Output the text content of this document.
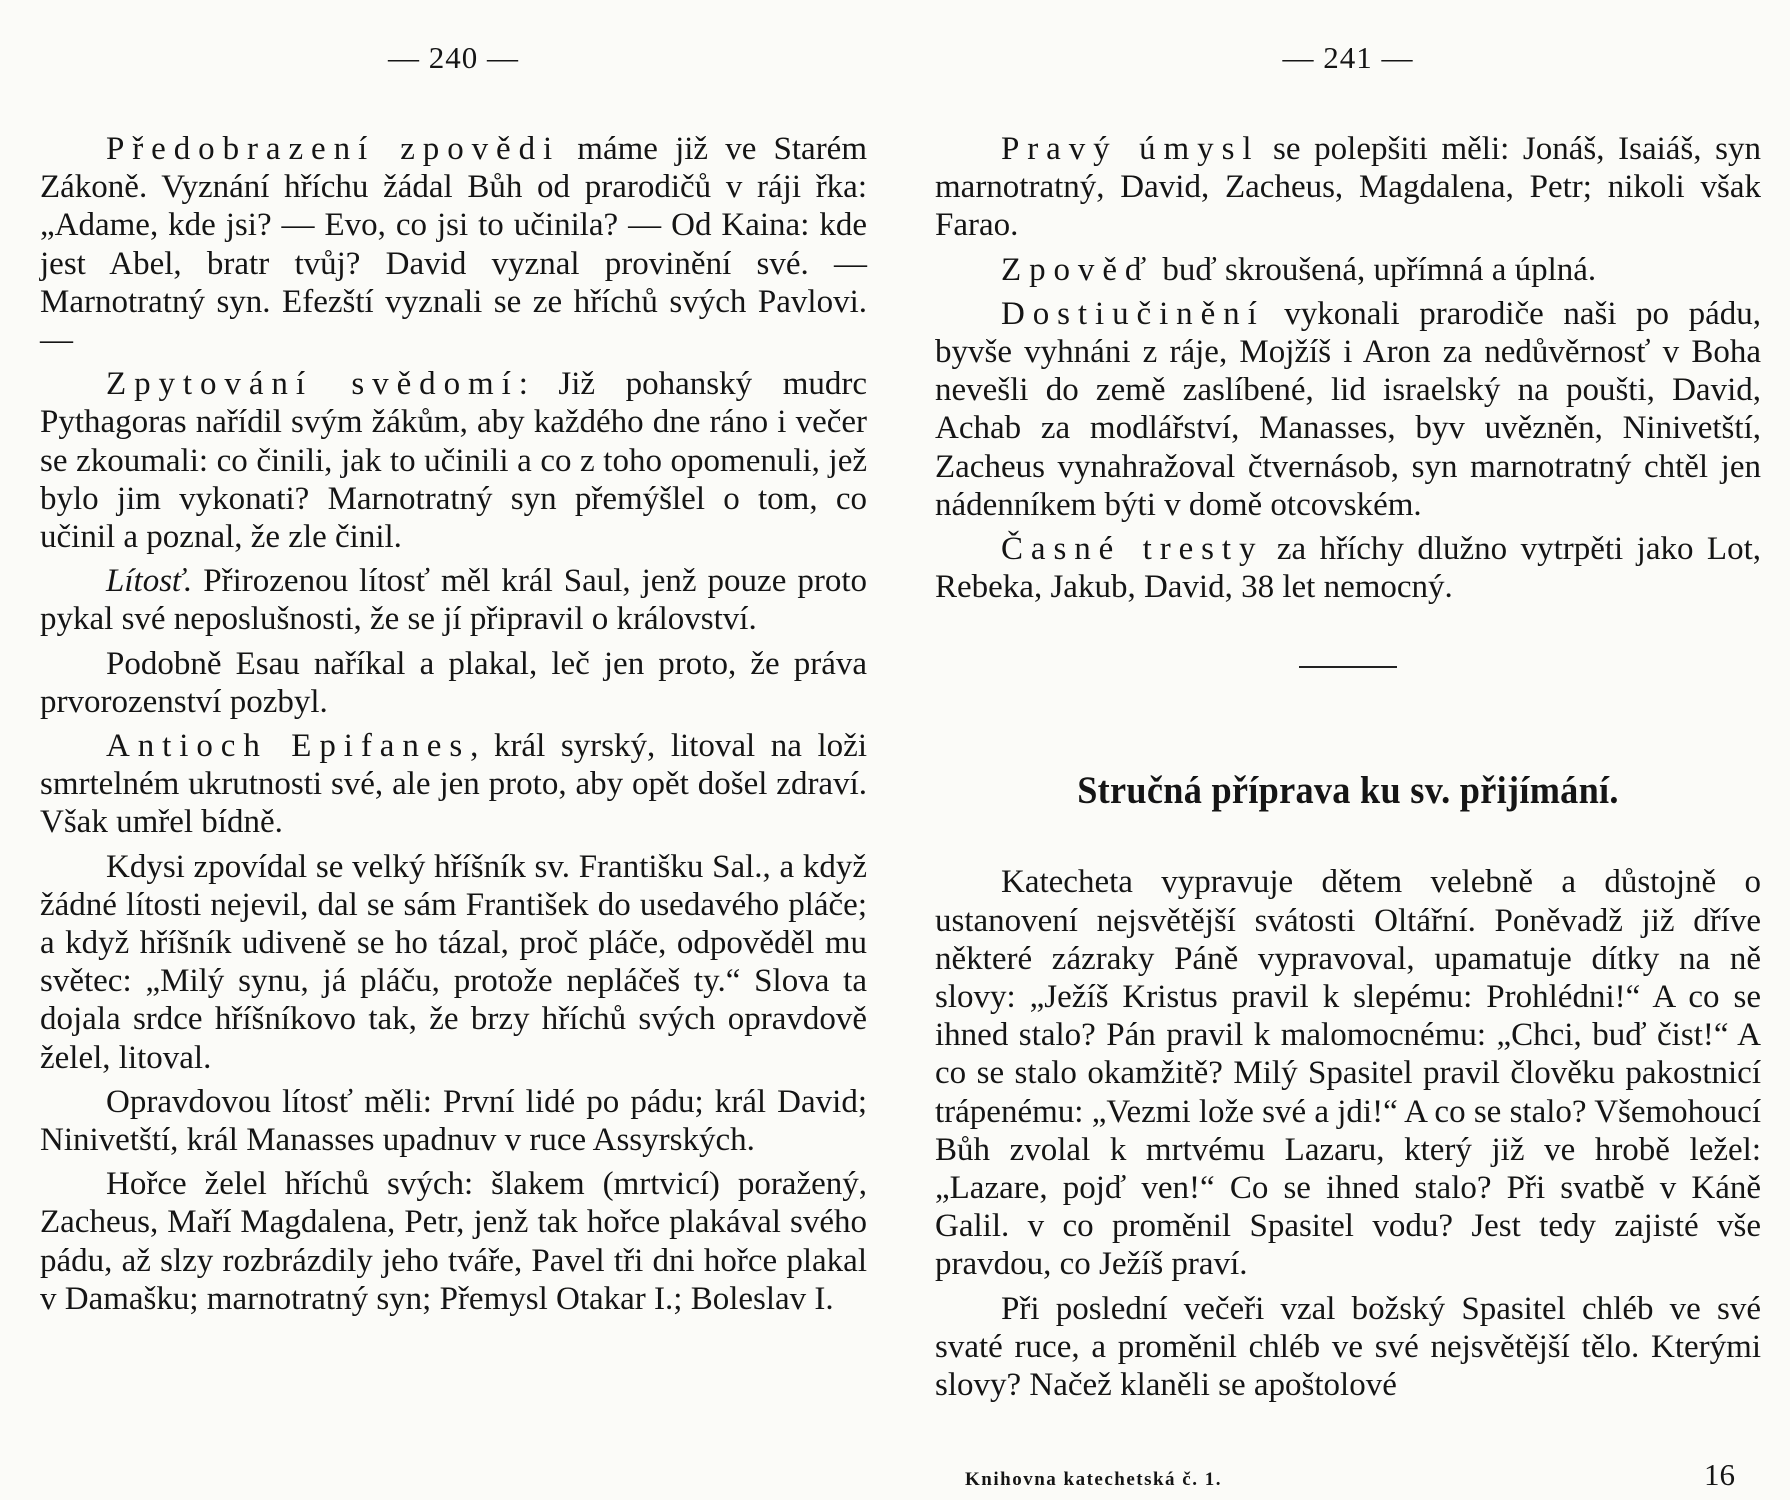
— 240 —

Předobrazení zpovědi máme již ve Starém Zákoně. Vyznání hříchu žádal Bůh od prarodičů v ráji řka: „Adame, kde jsi? — Evo, co jsi to učinila? — Od Kaina: kde jest Abel, bratr tvůj? David vyznal provinění své. — Marnotratný syn. Efezští vyznali se ze hříchů svých Pavlovi. —

Zpytování svědomí: Již pohanský mudrc Pythagoras nařídil svým žákům, aby každého dne ráno i večer se zkoumali: co činili, jak to učinili a co z toho opomenuli, jež bylo jim vykonati? Marnotratný syn přemýšlel o tom, co učinil a poznal, že zle činil.

Lítosť. Přirozenou lítosť měl král Saul, jenž pouze proto pykal své neposlušnosti, že se jí připravil o království.

Podobně Esau naříkal a plakal, leč jen proto, že práva prvorozenství pozbyl.

Antioch Epifanes, král syrský, litoval na loži smrtelném ukrutnosti své, ale jen proto, aby opět došel zdraví. Však umřel bídně.

Kdysi zpovídal se velký hříšník sv. Františku Sal., a když žádné lítosti nejevil, dal se sám František do usedavého pláče; a když hříšník udiveně se ho tázal, proč pláče, odpověděl mu světec: „Milý synu, já pláču, protože nepláčeš ty.“ Slova ta dojala srdce hříšníkovo tak, že brzy hříchů svých opravdově želel, litoval.

Opravdovou lítosť měli: První lidé po pádu; král David; Ninivetští, král Manasses upadnuv v ruce Assyrských.

Hořce želel hříchů svých: šlakem (mrtvicí) poražený, Zacheus, Maří Magdalena, Petr, jenž tak hořce plakával svého pádu, až slzy rozbrázdily jeho tváře, Pavel tři dni hořce plakal v Damašku; marnotratný syn; Přemysl Otakar I.; Boleslav I.

— 241 —

Pravý úmysl se polepšiti měli: Jonáš, Isaiáš, syn marnotratný, David, Zacheus, Magdalena, Petr; nikoli však Farao.

Zpověď buď skroušená, upřímná a úplná.

Dostiučinění vykonali prarodiče naši po pádu, byvše vyhnáni z ráje, Mojžíš i Aron za nedůvěrnosť v Boha nevešli do země zaslíbené, lid israelský na poušti, David, Achab za modlářství, Manasses, byv uvězněn, Ninivetští, Zacheus vynahražoval čtvernásob, syn marnotratný chtěl jen nádenníkem býti v domě otcovském.

Časné tresty za hříchy dlužno vytrpěti jako Lot, Rebeka, Jakub, David, 38 let nemocný.

Stručná příprava ku sv. přijímání.

Katecheta vypravuje dětem velebně a důstojně o ustanovení nejsvětější svátosti Oltářní. Poněvadž již dříve některé zázraky Páně vypravoval, upamatuje dítky na ně slovy: „Ježíš Kristus pravil k slepému: Prohlédni!“ A co se ihned stalo? Pán pravil k malomocnému: „Chci, buď čist!“ A co se stalo okamžitě? Milý Spasitel pravil člověku pakostnicí trápenému: „Vezmi lože své a jdi!“ A co se stalo? Všemohoucí Bůh zvolal k mrtvému Lazaru, který již ve hrobě ležel: „Lazare, pojď ven!“ Co se ihned stalo? Při svatbě v Káně Galil. v co proměnil Spasitel vodu? Jest tedy zajisté vše pravdou, co Ježíš praví.

Při poslední večeři vzal božský Spasitel chléb ve své svaté ruce, a proměnil chléb ve své nejsvětější tělo. Kterými slovy? Načež klaněli se apoštolové

Knihovna katechetská č. 1.	16
